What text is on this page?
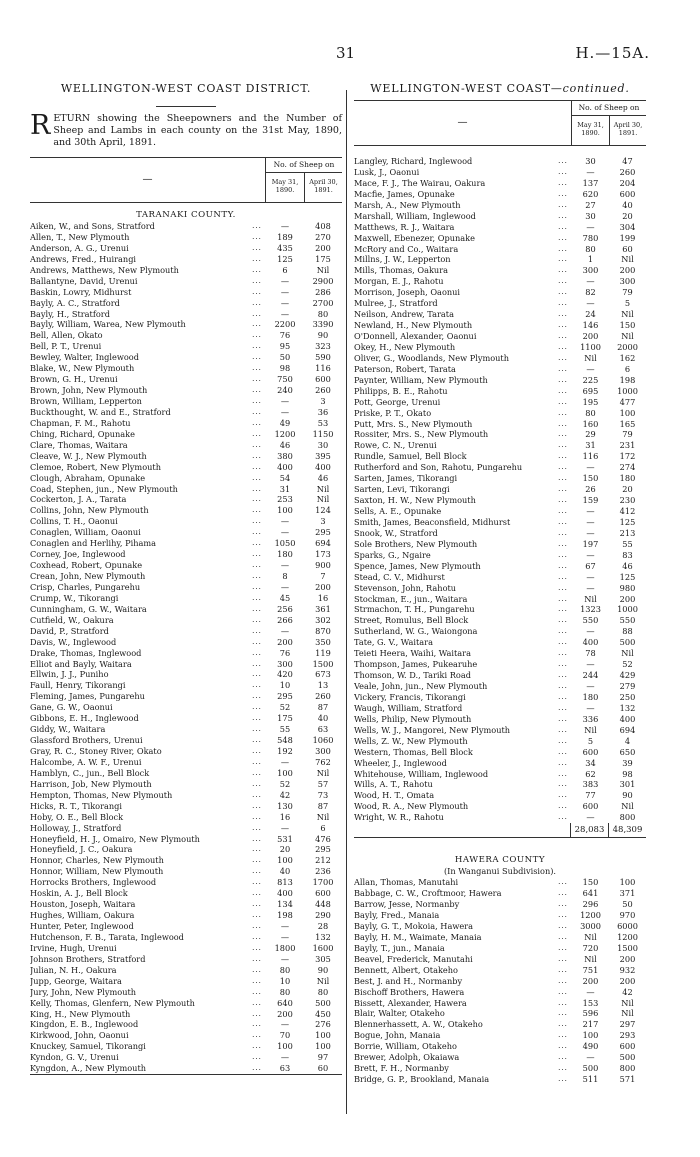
31	H.—15A.
WELLINGTON-WEST COAST DISTRICT.
RETURN showing the Sheepowners and the Number of Sheep and Lambs in each county on the 31st May, 1890, and 30th April, 1891.
—
No. of Sheep on
May 31, 1890.
April 30, 1891.
TARANAKI COUNTY.
Aiken, W., and Sons, Stratford	...	—	408
Allen, T., New Plymouth	...	189	270
Anderson, A. G., Urenui	...	435	200
Andrews, Fred., Huirangi	...	125	175
Andrews, Matthews, New Plymouth	...	6	Nil
Ballantyne, David, Urenui	...	—	2900
Baskin, Lowry, Midhurst	...	—	286
Bayly, A. C., Stratford	...	—	2700
Bayly, H., Stratford	...	—	80
Bayly, William, Warea, New Plymouth	...	2200	3390
Bell, Allen, Okato	...	76	90
Bell, P. T., Urenui	...	95	323
Bewley, Walter, Inglewood	...	50	590
Blake, W., New Plymouth	...	98	116
Brown, G. H., Urenui	...	750	600
Brown, John, New Plymouth	...	240	260
Brown, William, Lepperton	...	—	3
Buckthought, W. and E., Stratford	...	—	36
Chapman, F. M., Rahotu	...	49	53
Ching, Richard, Opunake	...	1200	1150
Clare, Thomas, Waitara	...	46	30
Cleave, W. J., New Plymouth	...	380	395
Clemoe, Robert, New Plymouth	...	400	400
Clough, Abraham, Opunake	...	54	46
Coad, Stephen, jun., New Plymouth	...	31	Nil
Cockerton, J. A., Tarata	...	253	Nil
Collins, John, New Plymouth	...	100	124
Collins, T. H., Oaonui	...	—	3
Conaglen, William, Oaonui	...	—	295
Conaglen and Herlihy, Pihama	...	1050	694
Corney, Joe, Inglewood	...	180	173
Coxhead, Robert, Opunake	...	—	900
Crean, John, New Plymouth	...	8	7
Crisp, Charles, Pungarehu	...	—	200
Crump, W., Tikorangi	...	45	16
Cunningham, G. W., Waitara	...	256	361
Cutfield, W., Oakura	...	266	302
David, P., Stratford	...	—	870
Davis, W., Inglewood	...	200	350
Drake, Thomas, Inglewood	...	76	119
Elliot and Bayly, Waitara	...	300	1500
Ellwin, J. J., Puniho	...	420	673
Faull, Henry, Tikorangi	...	10	13
Fleming, James, Pungarehu	...	295	260
Gane, G. W., Oaonui	...	52	87
Gibbons, E. H., Inglewood	...	175	40
Giddy, W., Waitara	...	55	63
Glassford Brothers, Urenui	...	548	1060
Gray, R. C., Stoney River, Okato	...	192	300
Halcombe, A. W. F., Urenui	...	—	762
Hamblyn, C., jun., Bell Block	...	100	Nil
Harrison, Job, New Plymouth	...	52	57
Hempton, Thomas, New Plymouth	...	42	73
Hicks, R. T., Tikorangi	...	130	87
Hoby, O. E., Bell Block	...	16	Nil
Holloway, J., Stratford	...	—	6
Honeyfield, H. J., Omairo, New Plymouth	...	531	476
Honeyfield, J. C., Oakura	...	20	295
Honnor, Charles, New Plymouth	...	100	212
Honnor, William, New Plymouth	...	40	236
Horrocks Brothers, Inglewood	...	813	1700
Hoskin, A. J., Bell Block	...	400	600
Houston, Joseph, Waitara	...	134	448
Hughes, William, Oakura	...	198	290
Hunter, Peter, Inglewood	...	—	28
Hutchenson, F. B., Tarata, Inglewood	...	—	132
Irvine, Hugh, Urenui	...	1800	1600
Johnson Brothers, Stratford	...	—	305
Julian, N. H., Oakura	...	80	90
Jupp, George, Waitara	...	10	Nil
Jury, John, New Plymouth	...	80	80
Kelly, Thomas, Glenfern, New Plymouth	...	640	500
King, H., New Plymouth	...	200	450
Kingdon, E. B., Inglewood	...	—	276
Kirkwood, John, Oaonui	...	70	100
Knuckey, Samuel, Tikorangi	...	100	100
Kyndon, G. V., Urenui	...	—	97
Kyngdon, A., New Plymouth	...	63	60
WELLINGTON-WEST COAST—continued.
—
No. of Sheep on
May 31, 1890.
April 30, 1891.
Langley, Richard, Inglewood	...	30	47
Lusk, J., Oaonui	...	—	260
Mace, F. J., The Wairau, Oakura	...	137	204
Macfie, James, Opunake	...	620	600
Marsh, A., New Plymouth	...	27	40
Marshall, William, Inglewood	...	30	20
Matthews, R. J., Waitara	...	—	304
Maxwell, Ebenezer, Opunake	...	780	199
McRory and Co., Waitara	...	80	60
Millns, J. W., Lepperton	...	1	Nil
Mills, Thomas, Oakura	...	300	200
Morgan, E. J., Rahotu	...	—	300
Morrison, Joseph, Oaonui	...	82	79
Mulree, J., Stratford	...	—	5
Neilson, Andrew, Tarata	...	24	Nil
Newland, H., New Plymouth	...	146	150
O'Donnell, Alexander, Oaonui	...	200	Nil
Okey, H., New Plymouth	...	1100	2000
Oliver, G., Woodlands, New Plymouth	...	Nil	162
Paterson, Robert, Tarata	...	—	6
Paynter, William, New Plymouth	...	225	198
Philipps, B. E., Rahotu	...	695	1000
Pott, George, Urenui	...	195	477
Priske, P. T., Okato	...	80	100
Putt, Mrs. S., New Plymouth	...	160	165
Rossiter, Mrs. S., New Plymouth	...	29	79
Rowe, C. N., Urenui	...	31	231
Rundle, Samuel, Bell Block	...	116	172
Rutherford and Son, Rahotu, Pungarehu	...	—	274
Sarten, James, Tikorangi	...	150	180
Sarten, Levi, Tikorangi	...	26	20
Saxton, H. W., New Plymouth	...	159	230
Sells, A. E., Opunake	...	—	412
Smith, James, Beaconsfield, Midhurst	...	—	125
Snook, W., Stratford	...	—	213
Sole Brothers, New Plymouth	...	197	55
Sparks, G., Ngaire	...	—	83
Spence, James, New Plymouth	...	67	46
Stead, C. V., Midhurst	...	—	125
Stevenson, John, Rahotu	...	—	980
Stockman, E., jun., Waitara	...	Nil	200
Strmachon, T. H., Pungarehu	...	1323	1000
Street, Romulus, Bell Block	...	550	550
Sutherland, W. G., Waiongona	...	—	88
Tate, G. V., Waitara	...	400	500
Teieti Heera, Waihi, Waitara	...	78	Nil
Thompson, James, Pukearuhe	...	—	52
Thomson, W. D., Tariki Road	...	244	429
Veale, John, jun., New Plymouth	...	—	279
Vickery, Francis, Tikorangi	...	180	250
Waugh, William, Stratford	...	—	132
Wells, Philip, New Plymouth	...	336	400
Wells, W. J., Mangorei, New Plymouth	...	Nil	694
Wells, Z. W., New Plymouth	...	5	4
Western, Thomas, Bell Block	...	600	650
Wheeler, J., Inglewood	...	34	39
Whitehouse, William, Inglewood	...	62	98
Wills, A. T., Rahotu	...	383	301
Wood, H. T., Omata	...	77	90
Wood, R. A., New Plymouth	...	600	Nil
Wright, W. R., Rahotu	...	—	800
28,083 48,309
HAWERA COUNTY
(In Wanganui Subdivision).
Allan, Thomas, Manutahi	...	150	100
Babbage, C. W., Croftmoor, Hawera	...	641	371
Barrow, Jesse, Normanby	...	296	50
Bayly, Fred., Manaia	...	1200	970
Bayly, G. T., Mokoia, Hawera	...	3000	6000
Bayly, H. M., Waimate, Manaia	...	Nil	1200
Bayly, T., jun., Manaia	...	720	1500
Beavel, Frederick, Manutahi	...	Nil	200
Bennett, Albert, Otakeho	...	751	932
Best, J. and H., Normanby	...	200	200
Bischoff Brothers, Hawera	...	—	42
Bissett, Alexander, Hawera	...	153	Nil
Blair, Walter, Otakeho	...	596	Nil
Blennerhassett, A. W., Otakeho	...	217	297
Bogue, John, Manaia	...	100	293
Borrie, William, Otakeho	...	490	600
Brewer, Adolph, Okaiawa	...	—	500
Brett, F. H., Normanby	...	500	800
Bridge, G. P., Brookland, Manaia	...	511	571
